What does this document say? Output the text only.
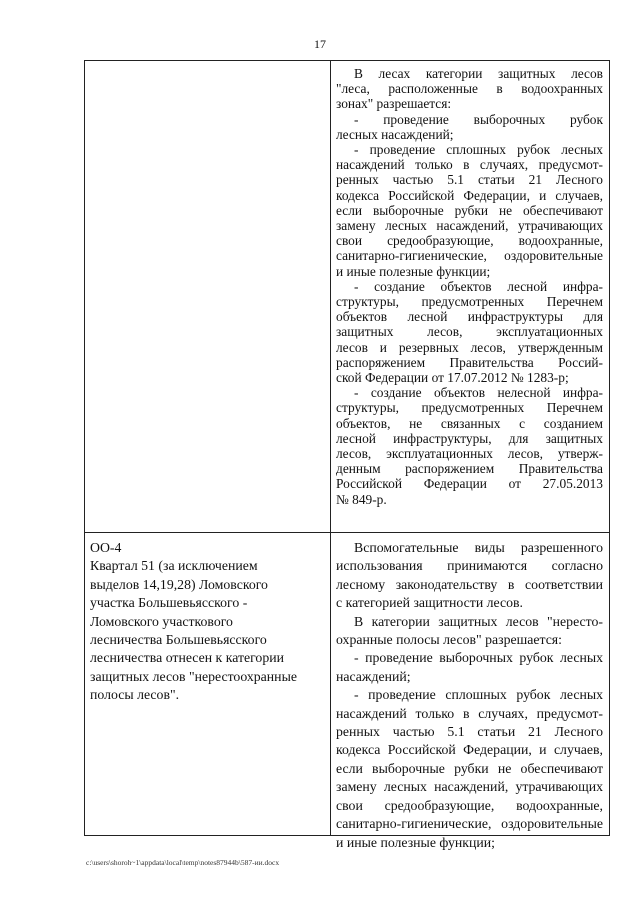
17
В лесах категории защитных лесов
"леса, расположенные в водоохранных
зонах" разрешается:
- проведение выборочных рубок
лесных насаждений;
- проведение сплошных рубок лесных
насаждений только в случаях, предусмот-
ренных частью 5.1 статьи 21 Лесного
кодекса Российской Федерации, и случаев,
если выборочные рубки не обеспечивают
замену лесных насаждений, утрачивающих
свои средообразующие, водоохранные,
санитарно-гигиенические, оздоровительные
и иные полезные функции;
- создание объектов лесной инфра-
структуры, предусмотренных Перечнем
объектов лесной инфраструктуры для
защитных лесов, эксплуатационных
лесов и резервных лесов, утвержденным
распоряжением Правительства Россий-
ской Федерации от 17.07.2012 № 1283-р;
- создание объектов нелесной инфра-
структуры, предусмотренных Перечнем
объектов, не связанных с созданием
лесной инфраструктуры, для защитных
лесов, эксплуатационных лесов, утверж-
денным распоряжением Правительства
Российской Федерации от 27.05.2013
№ 849-р.
ОО-4
Квартал 51 (за исключением
выделов 14,19,28) Ломовского
участка Большевьясского -
Ломовского участкового
лесничества Большевьясского
лесничества отнесен к категории
защитных лесов "нерестоохранные
полосы лесов".
Вспомогательные виды разрешенного
использования принимаются согласно
лесному законодательству в соответствии
с категорией защитности лесов.
В категории защитных лесов "нересто-
охранные полосы лесов" разрешается:
- проведение выборочных рубок лесных
насаждений;
- проведение сплошных рубок лесных
насаждений только в случаях, предусмот-
ренных частью 5.1 статьи 21 Лесного
кодекса Российской Федерации, и случаев,
если выборочные рубки не обеспечивают
замену лесных насаждений, утрачивающих
свои средообразующие, водоохранные,
санитарно-гигиенические, оздоровительные
и иные полезные функции;
c:\users\shoroh~1\appdata\local\temp\notes87944b\587-ии.docx
